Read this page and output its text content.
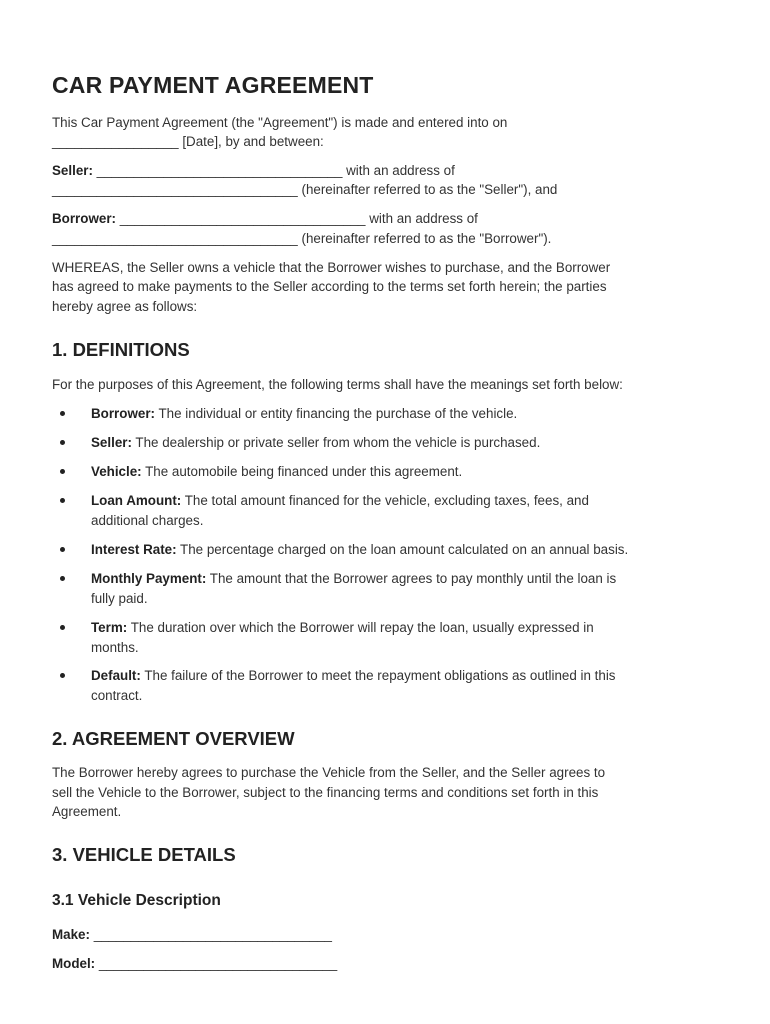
CAR PAYMENT AGREEMENT
This Car Payment Agreement (the "Agreement") is made and entered into on
_________________ [Date], by and between:
Seller: _________________________________ with an address of
_________________________________ (hereinafter referred to as the "Seller"), and
Borrower: _________________________________ with an address of
_________________________________ (hereinafter referred to as the "Borrower").
WHEREAS, the Seller owns a vehicle that the Borrower wishes to purchase, and the Borrower
has agreed to make payments to the Seller according to the terms set forth herein; the parties
hereby agree as follows:
1. DEFINITIONS
For the purposes of this Agreement, the following terms shall have the meanings set forth below:
Borrower: The individual or entity financing the purchase of the vehicle.
Seller: The dealership or private seller from whom the vehicle is purchased.
Vehicle: The automobile being financed under this agreement.
Loan Amount: The total amount financed for the vehicle, excluding taxes, fees, and
additional charges.
Interest Rate: The percentage charged on the loan amount calculated on an annual basis.
Monthly Payment: The amount that the Borrower agrees to pay monthly until the loan is
fully paid.
Term: The duration over which the Borrower will repay the loan, usually expressed in
months.
Default: The failure of the Borrower to meet the repayment obligations as outlined in this
contract.
2. AGREEMENT OVERVIEW
The Borrower hereby agrees to purchase the Vehicle from the Seller, and the Seller agrees to
sell the Vehicle to the Borrower, subject to the financing terms and conditions set forth in this
Agreement.
3. VEHICLE DETAILS
3.1 Vehicle Description
Make: ________________________________
Model: ________________________________
